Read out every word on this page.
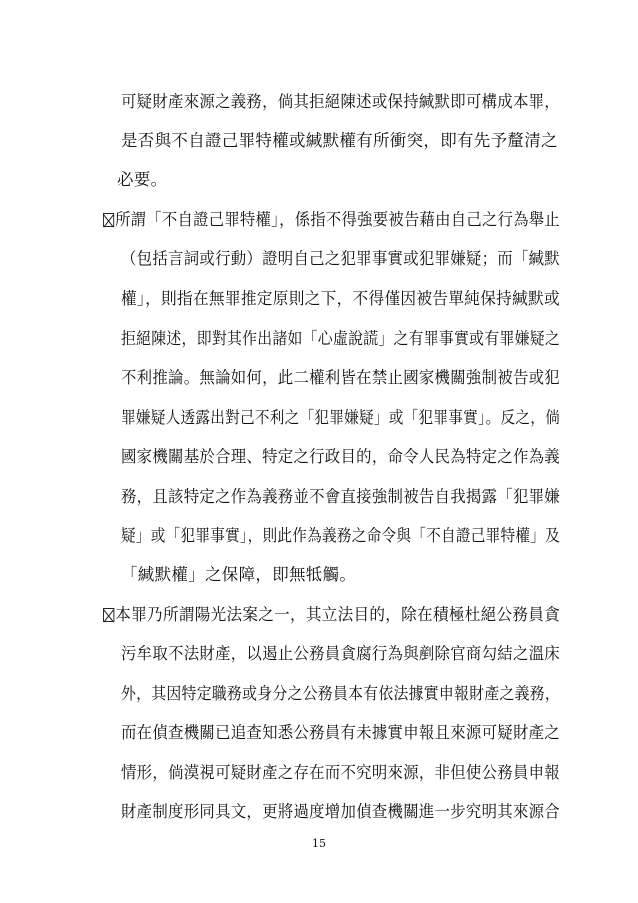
可疑財產來源之義務，倘其拒絕陳述或保持緘默即可構成本罪，
是否與不自證己罪特權或緘默權有所衝突，即有先予釐清之
必要。
所謂「不自證己罪特權」，係指不得強要被告藉由自己之行為舉止
（包括言詞或行動）證明自己之犯罪事實或犯罪嫌疑；而「緘默
權」，則指在無罪推定原則之下，不得僅因被告單純保持緘默或
拒絕陳述，即對其作出諸如「心虛說謊」之有罪事實或有罪嫌疑之
不利推論。無論如何，此二權利皆在禁止國家機關強制被告或犯
罪嫌疑人透露出對己不利之「犯罪嫌疑」或「犯罪事實」。反之，倘
國家機關基於合理、特定之行政目的，命令人民為特定之作為義
務，且該特定之作為義務並不會直接強制被告自我揭露「犯罪嫌
疑」或「犯罪事實」，則此作為義務之命令與「不自證己罪特權」及
「緘默權」之保障，即無牴觸。
本罪乃所謂陽光法案之一，其立法目的，除在積極杜絕公務員貪
污牟取不法財產，以遏止公務員貪腐行為與剷除官商勾結之溫床
外，其因特定職務或身分之公務員本有依法據實申報財產之義務，
而在偵查機關已追查知悉公務員有未據實申報且來源可疑財產之
情形，倘漠視可疑財產之存在而不究明來源，非但使公務員申報
財產制度形同具文，更將過度增加偵查機關進一步究明其來源合
15
